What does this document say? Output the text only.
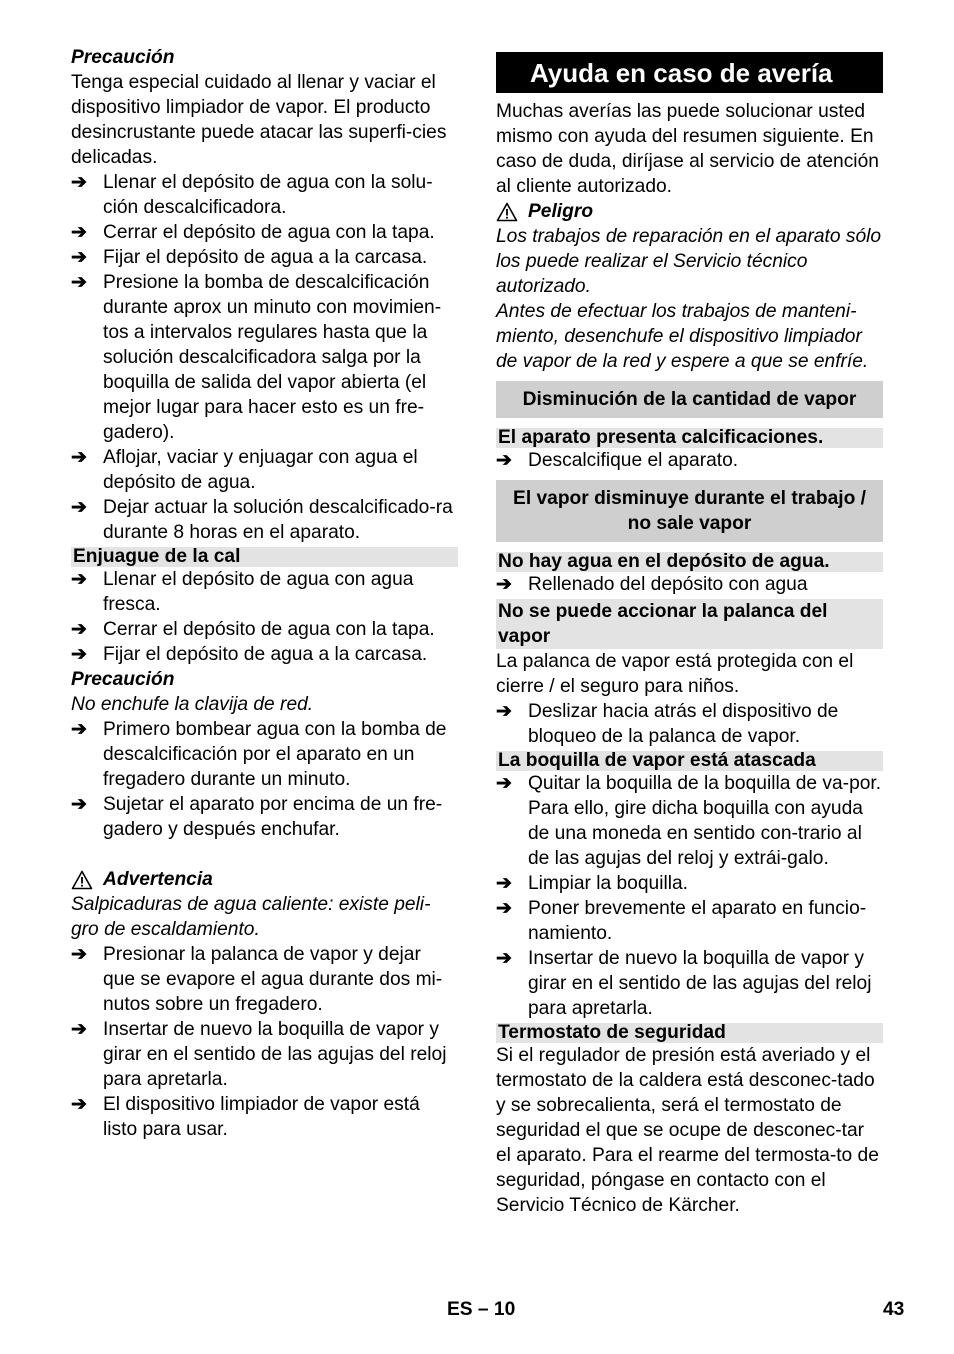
Precaución

Tenga especial cuidado al llenar y vaciar el dispositivo limpiador de vapor. El producto desincrustante puede atacar las superfi-cies delicadas.

➔ Llenar el depósito de agua con la solu-ción descalcificadora.
➔ Cerrar el depósito de agua con la tapa.
➔ Fijar el depósito de agua a la carcasa.
➔ Presione la bomba de descalcificación durante aprox un minuto con movimien-tos a intervalos regulares hasta que la solución descalcificadora salga por la boquilla de salida del vapor abierta (el mejor lugar para hacer esto es un fre-gadero).
➔ Aflojar, vaciar y enjuagar con agua el depósito de agua.
➔ Dejar actuar la solución descalcificado-ra durante 8 horas en el aparato.
Enjuague de la cal
➔ Llenar el depósito de agua con agua fresca.
➔ Cerrar el depósito de agua con la tapa.
➔ Fijar el depósito de agua a la carcasa.

Precaución

No enchufe la clavija de red.

➔ Primero bombear agua con la bomba de descalcificación por el aparato en un fregadero durante un minuto.
➔ Sujetar el aparato por encima de un fre-gadero y después enchufar.
Advertencia

Salpicaduras de agua caliente: existe peli-gro de escaldamiento.

➔ Presionar la palanca de vapor y dejar que se evapore el agua durante dos mi-nutos sobre un fregadero.
➔ Insertar de nuevo la boquilla de vapor y girar en el sentido de las agujas del reloj para apretarla.
➔ El dispositivo limpiador de vapor está listo para usar.
Ayuda en caso de avería

Muchas averías las puede solucionar usted mismo con ayuda del resumen siguiente. En caso de duda, diríjase al servicio de atención al cliente autorizado.

Peligro

Los trabajos de reparación en el aparato sólo los puede realizar el Servicio técnico autorizado.

Antes de efectuar los trabajos de manteni-miento, desenchufe el dispositivo limpiador de vapor de la red y espere a que se enfríe.

Disminución de la cantidad de vapor
El aparato presenta calcificaciones.
➔ Descalcifique el aparato.
El vapor disminuye durante el trabajo / no sale vapor
No hay agua en el depósito de agua.
➔ Rellenado del depósito con agua
No se puede accionar la palanca del vapor

La palanca de vapor está protegida con el cierre / el seguro para niños.

➔ Deslizar hacia atrás el dispositivo de bloqueo de la palanca de vapor.
La boquilla de vapor está atascada
➔ Quitar la boquilla de la boquilla de va-por. Para ello, gire dicha boquilla con ayuda de una moneda en sentido con-trario al de las agujas del reloj y extrái-galo.
➔ Limpiar la boquilla.
➔ Poner brevemente el aparato en funcio-namiento.
➔ Insertar de nuevo la boquilla de vapor y girar en el sentido de las agujas del reloj para apretarla.
Termostato de seguridad

Si el regulador de presión está averiado y el termostato de la caldera está desconec-tado y se sobrecalienta, será el termostato de seguridad el que se ocupe de desconec-tar el aparato. Para el rearme del termosta-to de seguridad, póngase en contacto con el Servicio Técnico de Kärcher.

ES – 10	43
